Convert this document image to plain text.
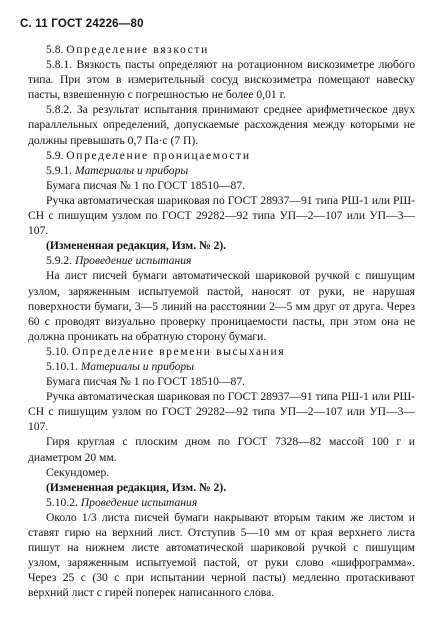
С. 11 ГОСТ 24226—80

5.8. Определение вязкости

5.8.1. Вязкость пасты определяют на ротационном вискозиметре любого типа. При этом в измерительный сосуд вискозиметра помещают навеску пасты, взвешенную с погрешностью не более 0,01 г.

5.8.2. За результат испытания принимают среднее арифметическое двух параллельных определений, допускаемые расхождения между которыми не должны превышать 0,7 Па·с (7 П).

5.9. Определение проницаемости

5.9.1. Материалы и приборы

Бумага писчая № 1 по ГОСТ 18510—87.

Ручка автоматическая шариковая по ГОСТ 28937—91 типа РШ-1 или РШ-СН с пишущим узлом по ГОСТ 29282—92 типа УП—2—107 или УП—3—107.

(Измененная редакция, Изм. № 2).

5.9.2. Проведение испытания

На лист писчей бумаги автоматической шариковой ручкой с пишущим узлом, заряженным испытуемой пастой, наносят от руки, не нарушая поверхности бумаги, 3—5 линий на расстоянии 2—5 мм друг от друга. Через 60 с проводят визуально проверку проницаемости пасты, при этом она не должна проникать на обратную сторону бумаги.

5.10. Определение времени высыхания

5.10.1. Материалы и приборы

Бумага писчая № 1 по ГОСТ 18510—87.

Ручка автоматическая шариковая по ГОСТ 28937—91 типа РШ-1 или РШ-СН с пишущим узлом по ГОСТ 29282—92 типа УП—2—107 или УП—3—107.

Гиря круглая с плоским дном по ГОСТ 7328—82 массой 100 г и диаметром 20 мм.

Секундомер.

(Измененная редакция, Изм. № 2).

5.10.2. Проведение испытания

Около 1/3 листа писчей бумаги накрывают вторым таким же листом и ставят гирю на верхний лист. Отступив 5—10 мм от края верхнего листа пишут на нижнем листе автоматической шариковой ручкой с пишущим узлом, заряженным испытуемой пастой, от руки слово «шифрограмма». Через 25 с (30 с при испытании черной пасты) медленно протаскивают верхний лист с гирей поперек написанного слова.
